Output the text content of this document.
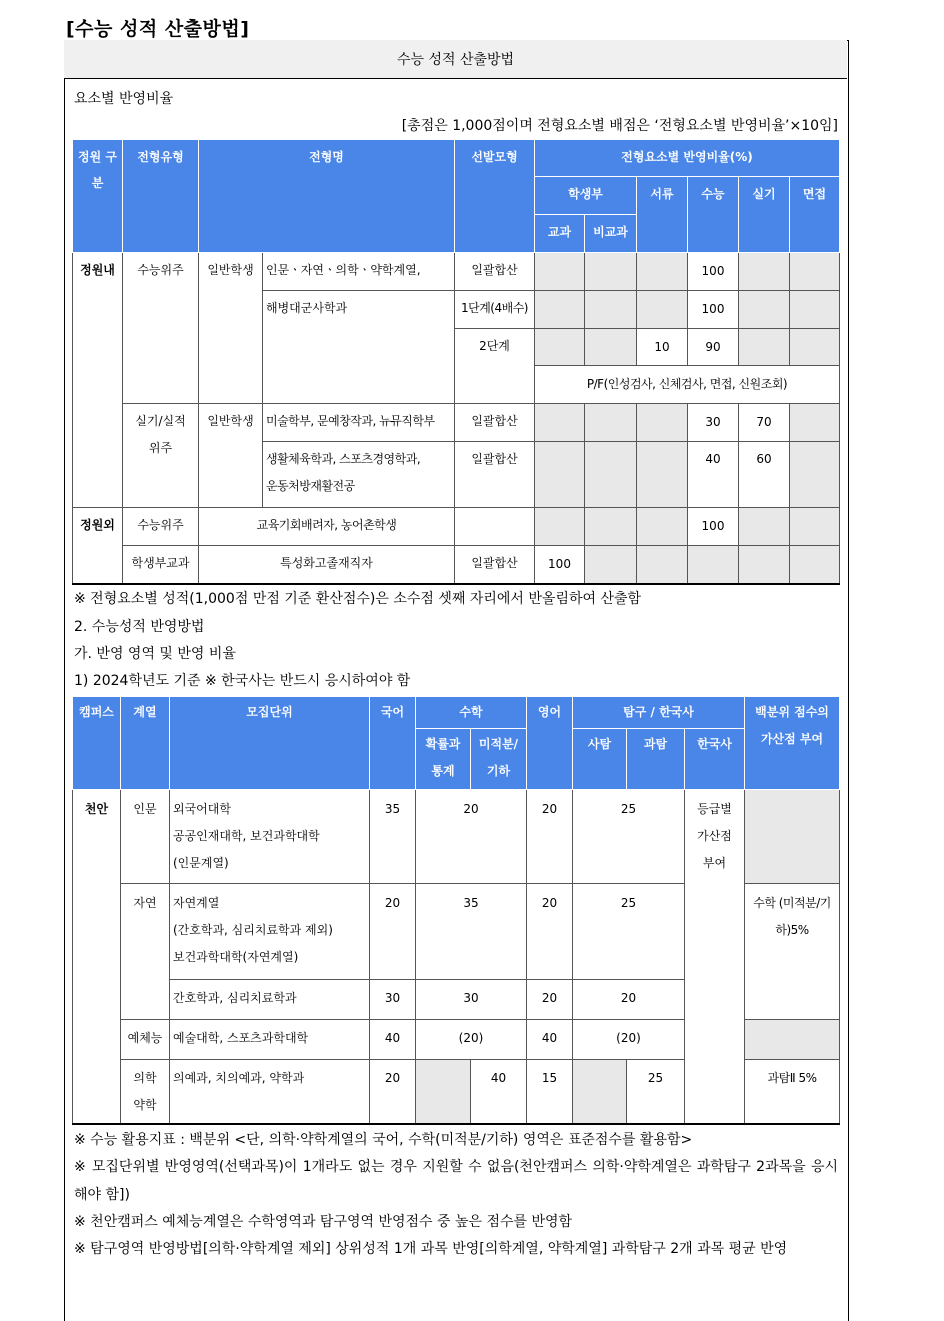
[수능 성적 산출방법]
수능 성적 산출방법
요소별 반영비율
[총점은 1,000점이며 전형요소별 배점은 ‘전형요소별 반영비율’×10임]
정원 구분	전형유형	전형명		선발모형	전형요소별 반영비율(%)					
					학생부		서류	수능	실기	면접
					교과	비교과				
정원내	수능위주	일반학생	인문ㆍ자연ㆍ의학ㆍ약학계열,	일괄합산				100		
			해병대군사학과	1단계(4배수)				100		
				2단계			10	90		
					P/F(인성검사, 신체검사, 면접, 신원조회)					
	실기/실적 위주	일반학생	미술학부, 문예창작과, 뉴뮤직학부	일괄합산				30	70	
			생활체육학과, 스포츠경영학과, 운동처방재활전공	일괄합산				40	60	
정원외	수능위주	교육기회배려자, 농어촌학생						100		
	학생부교과	특성화고졸재직자		일괄합산	100					
※ 전형요소별 성적(1,000점 만점 기준 환산점수)은 소수점 셋째 자리에서 반올림하여 산출함
2. 수능성적 반영방법
가. 반영 영역 및 반영 비율
1) 2024학년도 기준 ※ 한국사는 반드시 응시하여야 함
캠퍼스	계열	모집단위	국어	수학		영어	탐구 / 한국사			백분위 점수의 가산점 부여
				확률과 통계	미적분/ 기하		사탐	과탐	한국사	
천안	인문	외국어대학
공공인재대학, 보건과학대학
(인문계열)	35	20		20	25		등급별 가산점 부여	
	자연	자연계열
(간호학과, 심리치료학과 제외)
보건과학대학(자연계열)	20	35		20	25			수학 (미적분/기하)5%
		간호학과, 심리치료학과	30	30		20	20			
	예체능	예술대학, 스포츠과학대학	40	(20)		40	(20)			
	의학 약학	의예과, 치의예과, 약학과	20		40	15		25		과탐Ⅱ 5%
※ 수능 활용지표 : 백분위 <단, 의학·약학계열의 국어, 수학(미적분/기하) 영역은 표준점수를 활용함>
※ 모집단위별 반영영역(선택과목)이 1개라도 없는 경우 지원할 수 없음(천안캠퍼스 의학·약학계열은 과학탐구 2과목을 응시해야 함])
※ 천안캠퍼스 예체능계열은 수학영역과 탐구영역 반영점수 중 높은 점수를 반영함
※ 탐구영역 반영방법[의학·약학계열 제외] 상위성적 1개 과목 반영[의학계열, 약학계열] 과학탐구 2개 과목 평균 반영
